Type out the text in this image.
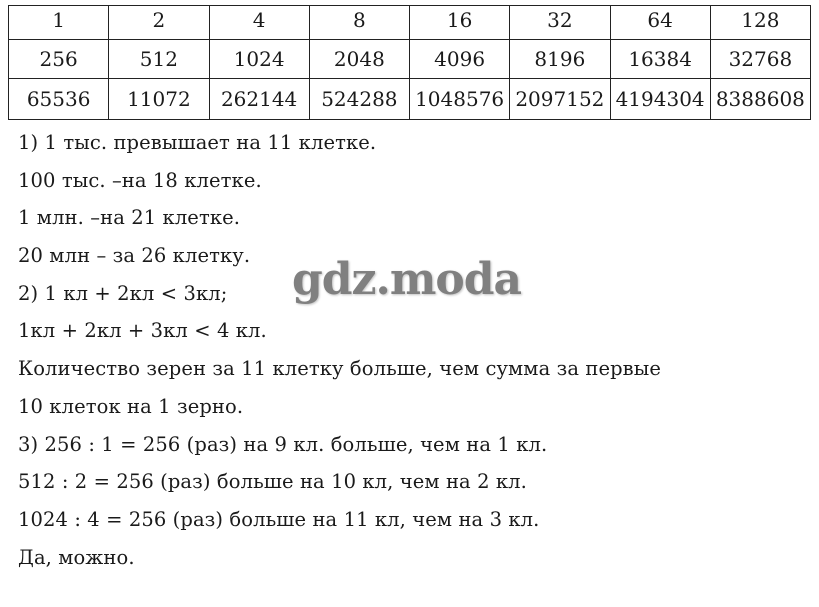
1	2	4	8	16	32	64	128
256	512	1024	2048	4096	8196	16384	32768
65536	11072	262144	524288	1048576	2097152	4194304	8388608
1) 1 тыс. превышает на 11 клетке.
100 тыс. –на 18 клетке.
1 млн. –на 21 клетке.
20 млн – за 26 клетку.
2) 1 кл + 2кл < 3кл;
1кл + 2кл + 3кл < 4 кл.
Количество зерен за 11 клетку больше, чем сумма за первые
10 клеток на 1 зерно.
3) 256 : 1 = 256 (раз) на 9 кл. больше, чем на 1 кл.
512 : 2 = 256 (раз) больше на 10 кл, чем на 2 кл.
1024 : 4 = 256 (раз) больше на 11 кл, чем на 3 кл.
Да, можно.
gdz.moda
